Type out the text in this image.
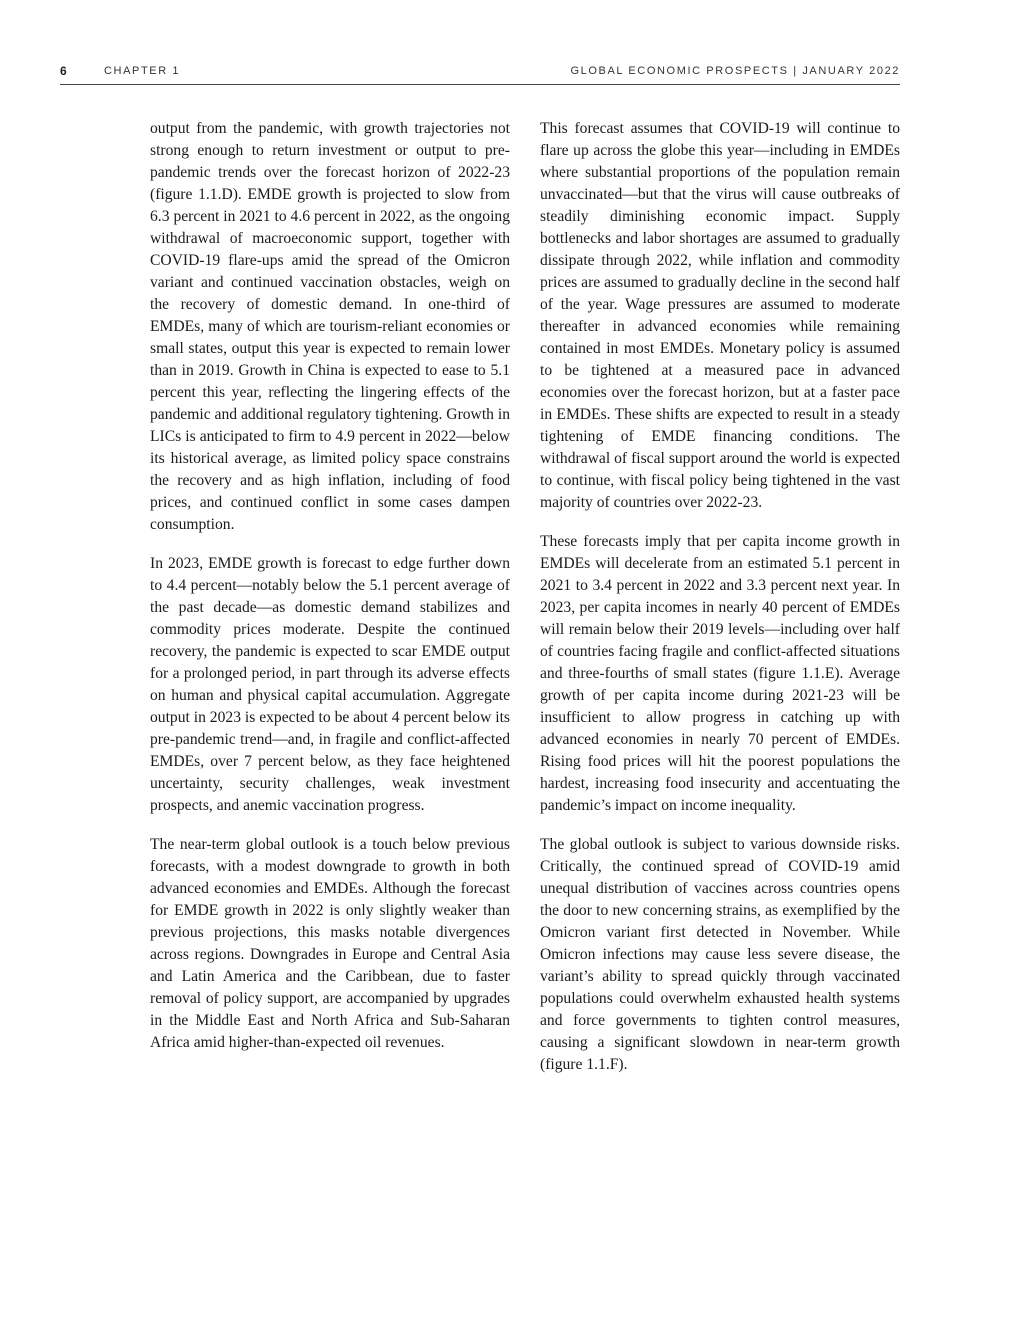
6	CHAPTER 1	GLOBAL ECONOMIC PROSPECTS | JANUARY 2022

output from the pandemic, with growth trajectories not strong enough to return investment or output to pre-pandemic trends over the forecast horizon of 2022-23 (figure 1.1.D). EMDE growth is projected to slow from 6.3 percent in 2021 to 4.6 percent in 2022, as the ongoing withdrawal of macroeconomic support, together with COVID-19 flare-ups amid the spread of the Omicron variant and continued vaccination obstacles, weigh on the recovery of domestic demand. In one-third of EMDEs, many of which are tourism-reliant economies or small states, output this year is expected to remain lower than in 2019. Growth in China is expected to ease to 5.1 percent this year, reflecting the lingering effects of the pandemic and additional regulatory tightening. Growth in LICs is anticipated to firm to 4.9 percent in 2022—below its historical average, as limited policy space constrains the recovery and as high inflation, including of food prices, and continued conflict in some cases dampen consumption.

In 2023, EMDE growth is forecast to edge further down to 4.4 percent—notably below the 5.1 percent average of the past decade—as domestic demand stabilizes and commodity prices moderate. Despite the continued recovery, the pandemic is expected to scar EMDE output for a prolonged period, in part through its adverse effects on human and physical capital accumulation. Aggregate output in 2023 is expected to be about 4 percent below its pre-pandemic trend—and, in fragile and conflict-affected EMDEs, over 7 percent below, as they face heightened uncertainty, security challenges, weak investment prospects, and anemic vaccination progress.

The near-term global outlook is a touch below previous forecasts, with a modest downgrade to growth in both advanced economies and EMDEs. Although the forecast for EMDE growth in 2022 is only slightly weaker than previous projections, this masks notable divergences across regions. Downgrades in Europe and Central Asia and Latin America and the Caribbean, due to faster removal of policy support, are accompanied by upgrades in the Middle East and North Africa and Sub-Saharan Africa amid higher-than-expected oil revenues.

This forecast assumes that COVID-19 will continue to flare up across the globe this year—including in EMDEs where substantial proportions of the population remain unvaccinated—but that the virus will cause outbreaks of steadily diminishing economic impact. Supply bottlenecks and labor shortages are assumed to gradually dissipate through 2022, while inflation and commodity prices are assumed to gradually decline in the second half of the year. Wage pressures are assumed to moderate thereafter in advanced economies while remaining contained in most EMDEs. Monetary policy is assumed to be tightened at a measured pace in advanced economies over the forecast horizon, but at a faster pace in EMDEs. These shifts are expected to result in a steady tightening of EMDE financing conditions. The withdrawal of fiscal support around the world is expected to continue, with fiscal policy being tightened in the vast majority of countries over 2022-23.

These forecasts imply that per capita income growth in EMDEs will decelerate from an estimated 5.1 percent in 2021 to 3.4 percent in 2022 and 3.3 percent next year. In 2023, per capita incomes in nearly 40 percent of EMDEs will remain below their 2019 levels—including over half of countries facing fragile and conflict-affected situations and three-fourths of small states (figure 1.1.E). Average growth of per capita income during 2021-23 will be insufficient to allow progress in catching up with advanced economies in nearly 70 percent of EMDEs. Rising food prices will hit the poorest populations the hardest, increasing food insecurity and accentuating the pandemic’s impact on income inequality.

The global outlook is subject to various downside risks. Critically, the continued spread of COVID-19 amid unequal distribution of vaccines across countries opens the door to new concerning strains, as exemplified by the Omicron variant first detected in November. While Omicron infections may cause less severe disease, the variant’s ability to spread quickly through vaccinated populations could overwhelm exhausted health systems and force governments to tighten control measures, causing a significant slowdown in near-term growth (figure 1.1.F).
